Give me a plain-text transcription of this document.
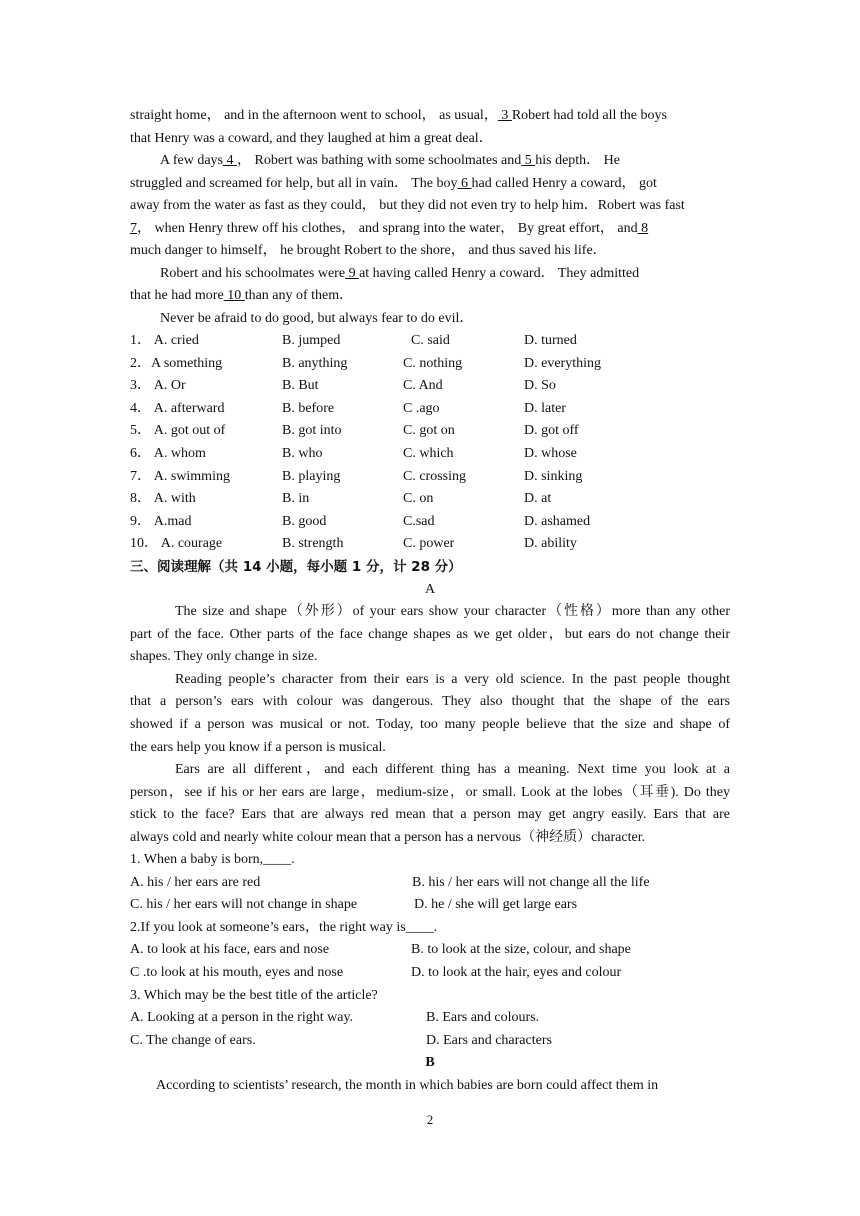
straight home， and in the afternoon went to school， as usual， 3 Robert had told all the boys
that Henry was a coward, and they laughed at him a great deal．
A few days 4 ， Robert was bathing with some schoolmates and 5 his depth． He
struggled and screamed for help, but all in vain． The boy 6 had called Henry a coward， got
away from the water as fast as they could， but they did not even try to help him．Robert was fast
7， when Henry threw off his clothes， and sprang into the water， By great effort， and 8
much danger to himself， he brought Robert to the shore， and thus saved his life．
Robert and his schoolmates were 9 at having called Henry a coward． They admitted
that he had more 10 than any of them．
Never be afraid to do good, but always fear to do evil．
1． A. cried	B. jumped	C. said	D. turned
2．A something	B. anything	C. nothing	D. everything
3． A. Or	B. But	C. And	D. So
4． A. afterward	B. before	C .ago	D. later
5． A. got out of	B. got into	C. got on	D. got off
6． A. whom	B. who	C. which	D. whose
7． A. swimming	B. playing	C. crossing	D. sinking
8． A. with	B. in	C. on	D. at
9． A.mad	B. good	C.sad	D. ashamed
10． A. courage	B. strength	C. power	D. ability
三、阅读理解（共 14 小题，每小题 1 分，计 28 分）
A
The size and shape（外形）of your ears show your character（性格）more than any other
part of the face. Other parts of the face change shapes as we get older，but ears do not change their
shapes. They only change in size.
Reading people’s character from their ears is a very old science. In the past people thought
that a person’s ears with colour was dangerous. They also thought that the shape of the ears
showed if a person was musical or not. Today, too many people believe that the size and shape of
the ears help you know if a person is musical.
Ears are all different，and each different thing has a meaning. Next time you look at a
person，see if his or her ears are large，medium-size，or small. Look at the lobes（耳垂). Do they
stick to the face? Ears that are always red mean that a person may get angry easily. Ears that are
always cold and nearly white colour mean that a person has a nervous（神经质）character.
1. When a baby is born,____.
A. his / her ears are red	B. his / her ears will not change all the life
C. his / her ears will not change in shape	D. he / she will get large ears
2.If you look at someone’s ears，the right way is____.
A. to look at his face, ears and nose	B. to look at the size, colour, and shape
C .to look at his mouth, eyes and nose	D. to look at the hair, eyes and colour
3. Which may be the best title of the article?
A. Looking at a person in the right way.	B. Ears and colours.
C. The change of ears.	D. Ears and characters
B
According to scientists’ research, the month in which babies are born could affect them in
2
